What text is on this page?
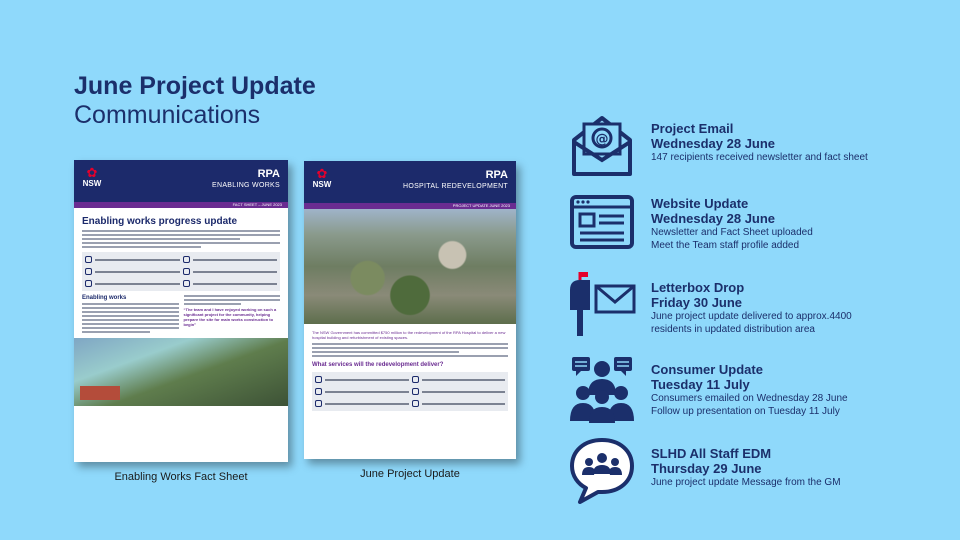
June Project Update
Communications
✿
NSW
RPA
ENABLING WORKS
FACT SHEET – JUNE 2023
Enabling works progress update
Enabling works
“The team and I have enjoyed working on such a significant project for the community, helping prepare the site for main works construction to begin”
Enabling Works Fact Sheet
✿
NSW
RPA
HOSPITAL REDEVELOPMENT
PROJECT UPDATE JUNE 2023
The NSW Government has committed $750 million to the redevelopment of the RPA Hospital to deliver a new hospital building and refurbishment of existing spaces.
What services will the redevelopment deliver?
June Project Update
@
Project Email
Wednesday 28 June
147 recipients received newsletter and fact sheet
Website Update
Wednesday 28 June
Newsletter and Fact Sheet uploaded
Meet the Team staff profile added
Letterbox Drop
Friday 30 June
June project update delivered to approx.4400
residents in updated distribution area
Consumer Update
Tuesday 11 July
Consumers emailed on Wednesday 28 June
Follow up presentation on Tuesday 11 July
SLHD All Staff EDM
Thursday 29 June
June project update Message from the GM
